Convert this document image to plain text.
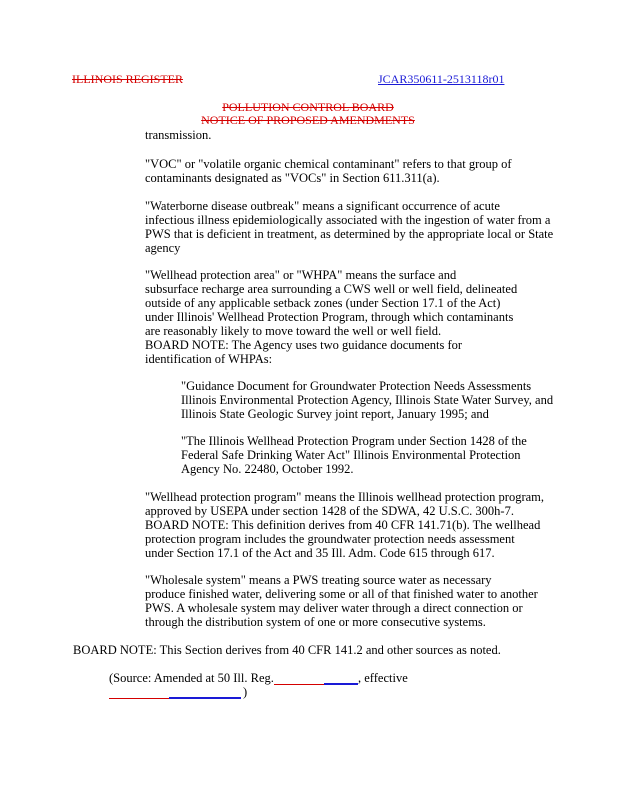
ILLINOIS REGISTER	JCAR350611-2513118r01
POLLUTION CONTROL BOARD
NOTICE OF PROPOSED AMENDMENTS
transmission.
"VOC" or "volatile organic chemical contaminant" refers to that group of
contaminants designated as "VOCs" in Section 611.311(a).
"Waterborne disease outbreak" means a significant occurrence of acute
infectious illness epidemiologically associated with the ingestion of water from a
PWS that is deficient in treatment, as determined by the appropriate local or State
agency
"Wellhead protection area" or "WHPA" means the surface and
subsurface recharge area surrounding a CWS well or well field, delineated
outside of any applicable setback zones (under Section 17.1 of the Act)
under Illinois' Wellhead Protection Program, through which contaminants
are reasonably likely to move toward the well or well field.
BOARD NOTE: The Agency uses two guidance documents for
identification of WHPAs:
"Guidance Document for Groundwater Protection Needs Assessments
Illinois Environmental Protection Agency, Illinois State Water Survey, and
Illinois State Geologic Survey joint report, January 1995; and
"The Illinois Wellhead Protection Program under Section 1428 of the
Federal Safe Drinking Water Act" Illinois Environmental Protection
Agency No. 22480, October 1992.
"Wellhead protection program" means the Illinois wellhead protection program,
approved by USEPA under section 1428 of the SDWA, 42 U.S.C. 300h-7.
BOARD NOTE: This definition derives from 40 CFR 141.71(b). The wellhead
protection program includes the groundwater protection needs assessment
under Section 17.1 of the Act and 35 Ill. Adm. Code 615 through 617.
"Wholesale system" means a PWS treating source water as necessary
produce finished water, delivering some or all of that finished water to another
PWS. A wholesale system may deliver water through a direct connection or
through the distribution system of one or more consecutive systems.
BOARD NOTE: This Section derives from 40 CFR 141.2 and other sources as noted.
(Source: Amended at 50 Ill. Reg.	, effective
)
